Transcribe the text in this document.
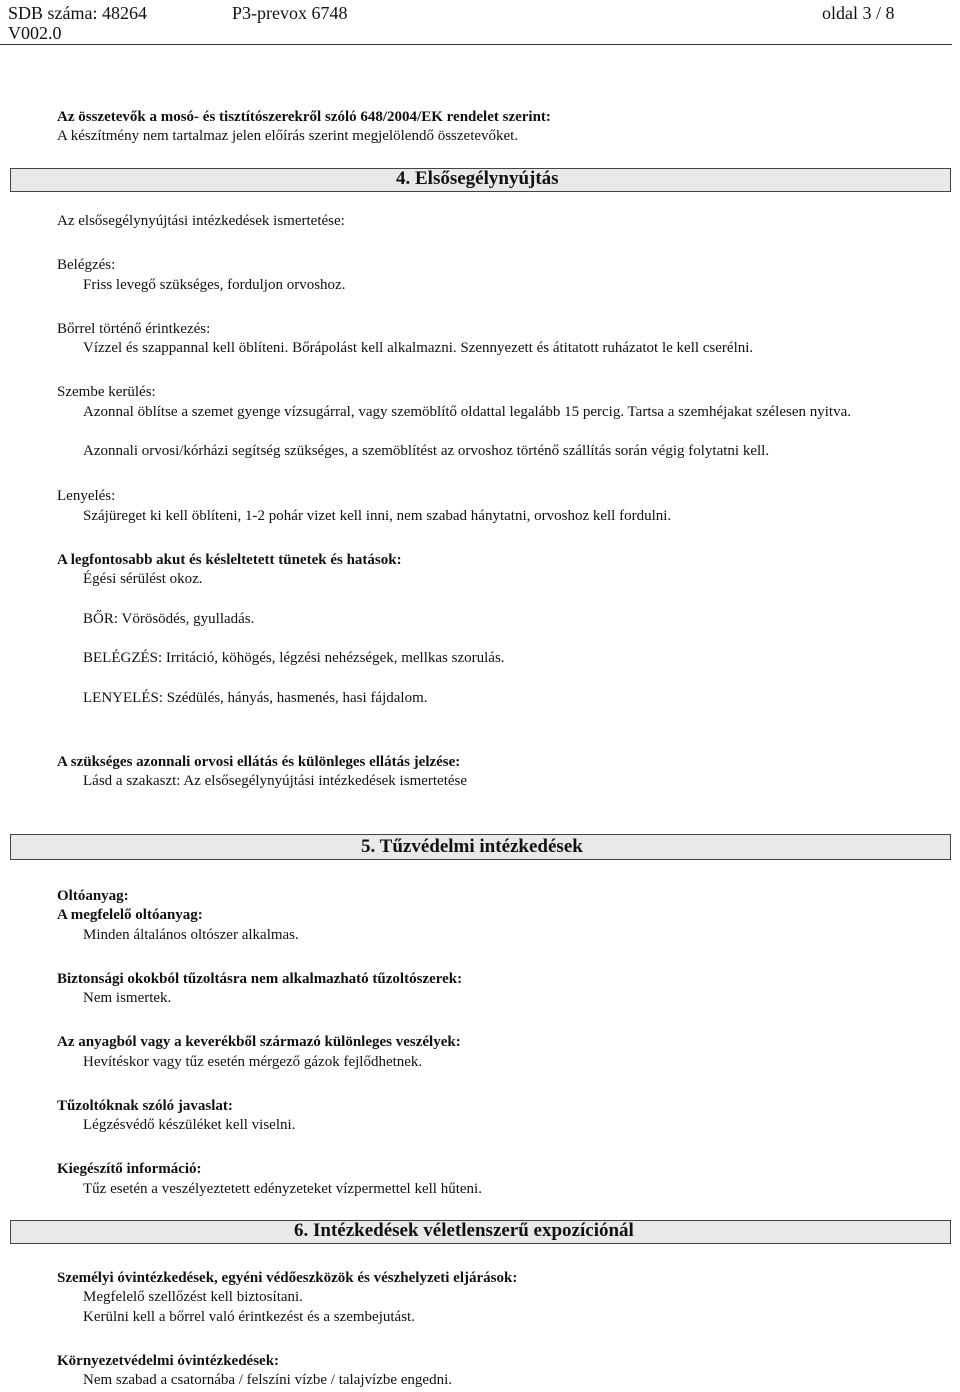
SDB száma: 48264	P3-prevox 6748	oldal 3 / 8
V002.0
Az összetevők a mosó- és tisztítószerekről szóló 648/2004/EK rendelet szerint:
A készítmény nem tartalmaz jelen előírás szerint megjelölendő összetevőket.
4. Elsősegélynyújtás
Az elsősegélynyújtási intézkedések ismertetése:
Belégzés:
Friss levegő szükséges, forduljon orvoshoz.
Bőrrel történő érintkezés:
Vízzel és szappannal kell öblíteni. Bőrápolást kell alkalmazni. Szennyezett és átitatott ruházatot le kell cserélni.
Szembe kerülés:
Azonnal öblítse a szemet gyenge vízsugárral, vagy szemöblítő oldattal legalább 15 percig. Tartsa a szemhéjakat szélesen nyitva.
Azonnali orvosi/kórházi segítség szükséges, a szemöblítést az orvoshoz történő szállítás során végig folytatni kell.
Lenyelés:
Szájüreget ki kell öblíteni, 1-2 pohár vizet kell inni, nem szabad hánytatni, orvoshoz kell fordulni.
A legfontosabb akut és késleltetett tünetek és hatások:
Égési sérülést okoz.
BŐR: Vörösödés, gyulladás.
BELÉGZÉS: Irritáció, köhögés, légzési nehézségek, mellkas szorulás.
LENYELÉS: Szédülés, hányás, hasmenés, hasi fájdalom.
A szükséges azonnali orvosi ellátás és különleges ellátás jelzése:
Lásd a szakaszt: Az elsősegélynyújtási intézkedések ismertetése
5. Tűzvédelmi intézkedések
Oltóanyag:
A megfelelő oltóanyag:
Minden általános oltószer alkalmas.
Biztonsági okokból tűzoltásra nem alkalmazható tűzoltószerek:
Nem ismertek.
Az anyagból vagy a keverékből származó különleges veszélyek:
Hevítéskor vagy tűz esetén mérgező gázok fejlődhetnek.
Tűzoltóknak szóló javaslat:
Légzésvédő készüléket kell viselni.
Kiegészítő információ:
Tűz esetén a veszélyeztetett edényzeteket vízpermettel kell hűteni.
6. Intézkedések véletlenszerű expozíciónál
Személyi óvintézkedések, egyéni védőeszközök és vészhelyzeti eljárások:
Megfelelő szellőzést kell biztosítani.
Kerülni kell a bőrrel való érintkezést és a szembejutást.
Környezetvédelmi óvintézkedések:
Nem szabad a csatornába / felszíni vízbe / talajvízbe engedni.
